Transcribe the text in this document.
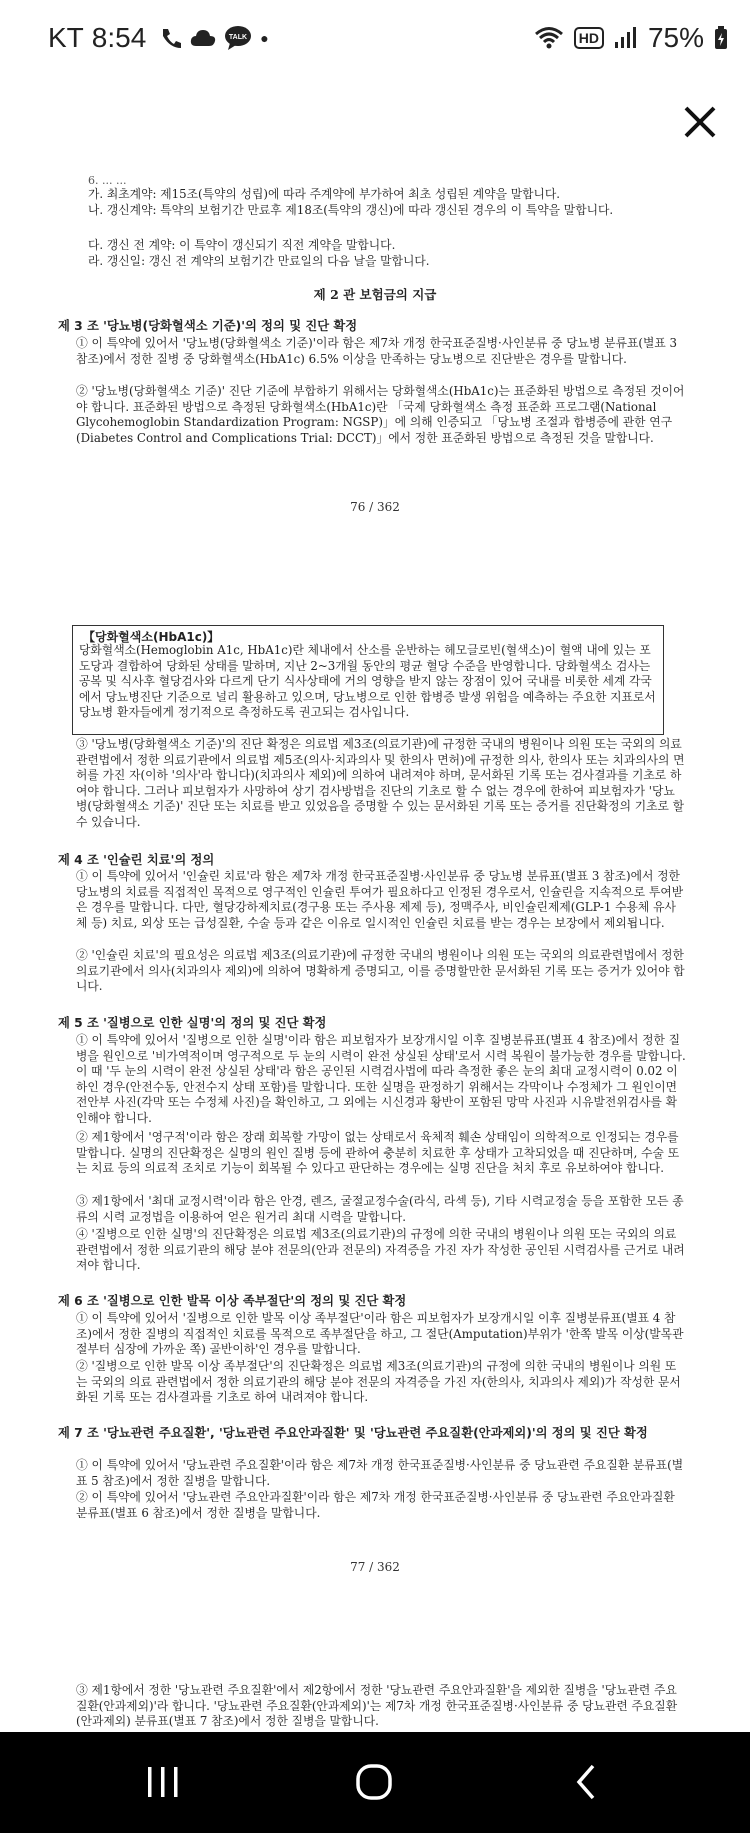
KT 8:54	TALK ●	HD 75%
6. ... ...
가. 최초계약: 제15조(특약의 성립)에 따라 주계약에 부가하여 최초 성립된 계약을 말합니다.
나. 갱신계약: 특약의 보험기간 만료후 제18조(특약의 갱신)에 따라 갱신된 경우의 이 특약을 말합니다.
다. 갱신 전 계약: 이 특약이 갱신되기 직전 계약을 말합니다.
라. 갱신일: 갱신 전 계약의 보험기간 만료일의 다음 날을 말합니다.
제 2 관 보험금의 지급
제 3 조 '당뇨병(당화혈색소 기준)'의 정의 및 진단 확정
① 이 특약에 있어서 '당뇨병(당화혈색소 기준)'이라 함은 제7차 개정 한국표준질병·사인분류 중 당뇨병 분류표(별표 3 참조)에서 정한 질병 중 당화혈색소(HbA1c) 6.5% 이상을 만족하는 당뇨병으로 진단받은 경우를 말합니다.
② '당뇨병(당화혈색소 기준)' 진단 기준에 부합하기 위해서는 당화혈색소(HbA1c)는 표준화된 방법으로 측정된 것이어야 합니다. 표준화된 방법으로 측정된 당화혈색소(HbA1c)란 「국제 당화혈색소 측정 표준화 프로그램(National Glycohemoglobin Standardization Program: NGSP)」에 의해 인증되고 「당뇨병 조절과 합병증에 관한 연구(Diabetes Control and Complications Trial: DCCT)」에서 정한 표준화된 방법으로 측정된 것을 말합니다.
76 / 362
【당화혈색소(HbA1c)】
당화혈색소(Hemoglobin A1c, HbA1c)란 체내에서 산소를 운반하는 헤모글로빈(혈색소)이 혈액 내에 있는 포도당과 결합하여 당화된 상태를 말하며, 지난 2~3개월 동안의 평균 혈당 수준을 반영합니다. 당화혈색소 검사는 공복 및 식사후 혈당검사와 다르게 단기 식사상태에 거의 영향을 받지 않는 장점이 있어 국내를 비롯한 세계 각국에서 당뇨병진단 기준으로 널리 활용하고 있으며, 당뇨병으로 인한 합병증 발생 위험을 예측하는 주요한 지표로서 당뇨병 환자들에게 정기적으로 측정하도록 권고되는 검사입니다.
③ '당뇨병(당화혈색소 기준)'의 진단 확정은 의료법 제3조(의료기관)에 규정한 국내의 병원이나 의원 또는 국외의 의료관련법에서 정한 의료기관에서 의료법 제5조(의사·치과의사 및 한의사 면허)에 규정한 의사, 한의사 또는 치과의사의 면허를 가진 자(이하 '의사'라 합니다)(치과의사 제외)에 의하여 내려져야 하며, 문서화된 기록 또는 검사결과를 기초로 하여야 합니다. 그러나 피보험자가 사망하여 상기 검사방법을 진단의 기초로 할 수 없는 경우에 한하여 피보험자가 '당뇨병(당화혈색소 기준)' 진단 또는 치료를 받고 있었음을 증명할 수 있는 문서화된 기록 또는 증거를 진단확정의 기초로 할 수 있습니다.
제 4 조 '인슐린 치료'의 정의
① 이 특약에 있어서 '인슐린 치료'라 함은 제7차 개정 한국표준질병·사인분류 중 당뇨병 분류표(별표 3 참조)에서 정한 당뇨병의 치료를 직접적인 목적으로 영구적인 인슐린 투여가 필요하다고 인정된 경우로서, 인슐린을 지속적으로 투여받은 경우를 말합니다. 다만, 혈당강하제치료(경구용 또는 주사용 제제 등), 정맥주사, 비인슐린제제(GLP-1 수용체 유사체 등) 치료, 외상 또는 급성질환, 수술 등과 같은 이유로 일시적인 인슐린 치료를 받는 경우는 보장에서 제외됩니다.
② '인슐린 치료'의 필요성은 의료법 제3조(의료기관)에 규정한 국내의 병원이나 의원 또는 국외의 의료관련법에서 정한 의료기관에서 의사(치과의사 제외)에 의하여 명확하게 증명되고, 이를 증명할만한 문서화된 기록 또는 증거가 있어야 합니다.
제 5 조 '질병으로 인한 실명'의 정의 및 진단 확정
① 이 특약에 있어서 '질병으로 인한 실명'이라 함은 피보험자가 보장개시일 이후 질병분류표(별표 4 참조)에서 정한 질병을 원인으로 '비가역적이며 영구적으로 두 눈의 시력이 완전 상실된 상태'로서 시력 복원이 불가능한 경우를 말합니다. 이 때 '두 눈의 시력이 완전 상실된 상태'라 함은 공인된 시력검사법에 따라 측정한 좋은 눈의 최대 교정시력이 0.02 이하인 경우(안전수동, 안전수지 상태 포함)를 말합니다. 또한 실명을 판정하기 위해서는 각막이나 수정체가 그 원인이면 전안부 사진(각막 또는 수정체 사진)을 확인하고, 그 외에는 시신경과 황반이 포함된 망막 사진과 시유발전위검사를 확인해야 합니다.
② 제1항에서 '영구적'이라 함은 장래 회복할 가망이 없는 상태로서 육체적 훼손 상태임이 의학적으로 인정되는 경우를 말합니다. 실명의 진단확정은 실명의 원인 질병 등에 관하여 충분히 치료한 후 상태가 고착되었을 때 진단하며, 수술 또는 치료 등의 의료적 조치로 기능이 회복될 수 있다고 판단하는 경우에는 실명 진단을 처치 후로 유보하여야 합니다.
③ 제1항에서 '최대 교정시력'이라 함은 안경, 렌즈, 굴절교정수술(라식, 라섹 등), 기타 시력교정술 등을 포함한 모든 종류의 시력 교정법을 이용하여 얻은 원거리 최대 시력을 말합니다.
④ '질병으로 인한 실명'의 진단확정은 의료법 제3조(의료기관)의 규정에 의한 국내의 병원이나 의원 또는 국외의 의료 관련법에서 정한 의료기관의 해당 분야 전문의(안과 전문의) 자격증을 가진 자가 작성한 공인된 시력검사를 근거로 내려져야 합니다.
제 6 조 '질병으로 인한 발목 이상 족부절단'의 정의 및 진단 확정
① 이 특약에 있어서 '질병으로 인한 발목 이상 족부절단'이라 함은 피보험자가 보장개시일 이후 질병분류표(별표 4 참조)에서 정한 질병의 직접적인 치료를 목적으로 족부절단을 하고, 그 절단(Amputation)부위가 '한쪽 발목 이상(발목관절부터 심장에 가까운 쪽) 골반이하'인 경우를 말합니다.
② '질병으로 인한 발목 이상 족부절단'의 진단확정은 의료법 제3조(의료기관)의 규정에 의한 국내의 병원이나 의원 또는 국외의 의료 관련법에서 정한 의료기관의 해당 분야 전문의 자격증을 가진 자(한의사, 치과의사 제외)가 작성한 문서화된 기록 또는 검사결과를 기초로 하여 내려져야 합니다.
제 7 조 '당뇨관련 주요질환', '당뇨관련 주요안과질환' 및 '당뇨관련 주요질환(안과제외)'의 정의 및 진단 확정
① 이 특약에 있어서 '당뇨관련 주요질환'이라 함은 제7차 개정 한국표준질병·사인분류 중 당뇨관련 주요질환 분류표(별표 5 참조)에서 정한 질병을 말합니다.
② 이 특약에 있어서 '당뇨관련 주요안과질환'이라 함은 제7차 개정 한국표준질병·사인분류 중 당뇨관련 주요안과질환 분류표(별표 6 참조)에서 정한 질병을 말합니다.
77 / 362
③ 제1항에서 정한 '당뇨관련 주요질환'에서 제2항에서 정한 '당뇨관련 주요안과질환'을 제외한 질병을 '당뇨관련 주요질환(안과제외)'라 합니다. '당뇨관련 주요질환(안과제외)'는 제7차 개정 한국표준질병·사인분류 중 당뇨관련 주요질환(안과제외) 분류표(별표 7 참조)에서 정한 질병을 말합니다.
